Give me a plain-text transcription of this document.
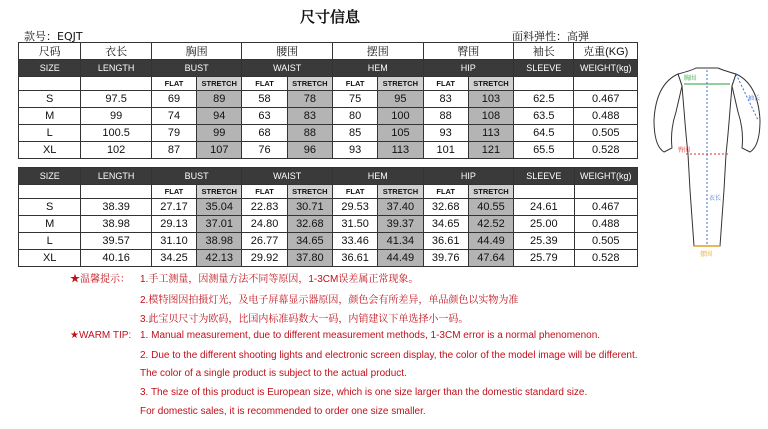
尺寸信息
款号：EQJT	面料弹性：高弹
尺码	衣长	胸围		腰围		摆围		臀围		袖长	克重(KG)
SIZE	LENGTH	BUST		WAIST		HEM		HIP		SLEEVE	WEIGHT(kg)
		FLAT	STRETCH	FLAT	STRETCH	FLAT	STRETCH	FLAT	STRETCH		
S	97.5	69	89	58	78	75	95	83	103	62.5	0.467
M	99	74	94	63	83	80	100	88	108	63.5	0.488
L	100.5	79	99	68	88	85	105	93	113	64.5	0.505
XL	102	87	107	76	96	93	113	101	121	65.5	0.528
SIZE	LENGTH	BUST		WAIST		HEM		HIP		SLEEVE	WEIGHT(kg)
		FLAT	STRETCH	FLAT	STRETCH	FLAT	STRETCH	FLAT	STRETCH		
S	38.39	27.17	35.04	22.83	30.71	29.53	37.40	32.68	40.55	24.61	0.467
M	38.98	29.13	37.01	24.80	32.68	31.50	39.37	34.65	42.52	25.00	0.488
L	39.57	31.10	38.98	26.77	34.65	33.46	41.34	36.61	44.49	25.39	0.505
XL	40.16	34.25	42.13	29.92	37.80	36.61	44.49	39.76	47.64	25.79	0.528
★温馨提示： 1.手工测量，因测量方法不同等原因，1-3CM误差属正常现象。
2.模特图因拍摄灯光，及电子屏幕显示器原因，颜色会有所差异，单品颜色以实物为准
3.此宝贝尺寸为欧码，比国内标准码数大一码，内销建议下单选择小一码。
★WARM TIP: 1. Manual measurement, due to different measurement methods, 1-3CM error is a normal phenomenon.
2. Due to the different shooting lights and electronic screen display, the color of the model image will be different.
The color of a single product is subject to the actual product.
3. The size of this product is European size, which is one size larger than the domestic standard size.
For domestic sales, it is recommended to order one size smaller.
胸围
袖长
衣长
臀围
摆围
